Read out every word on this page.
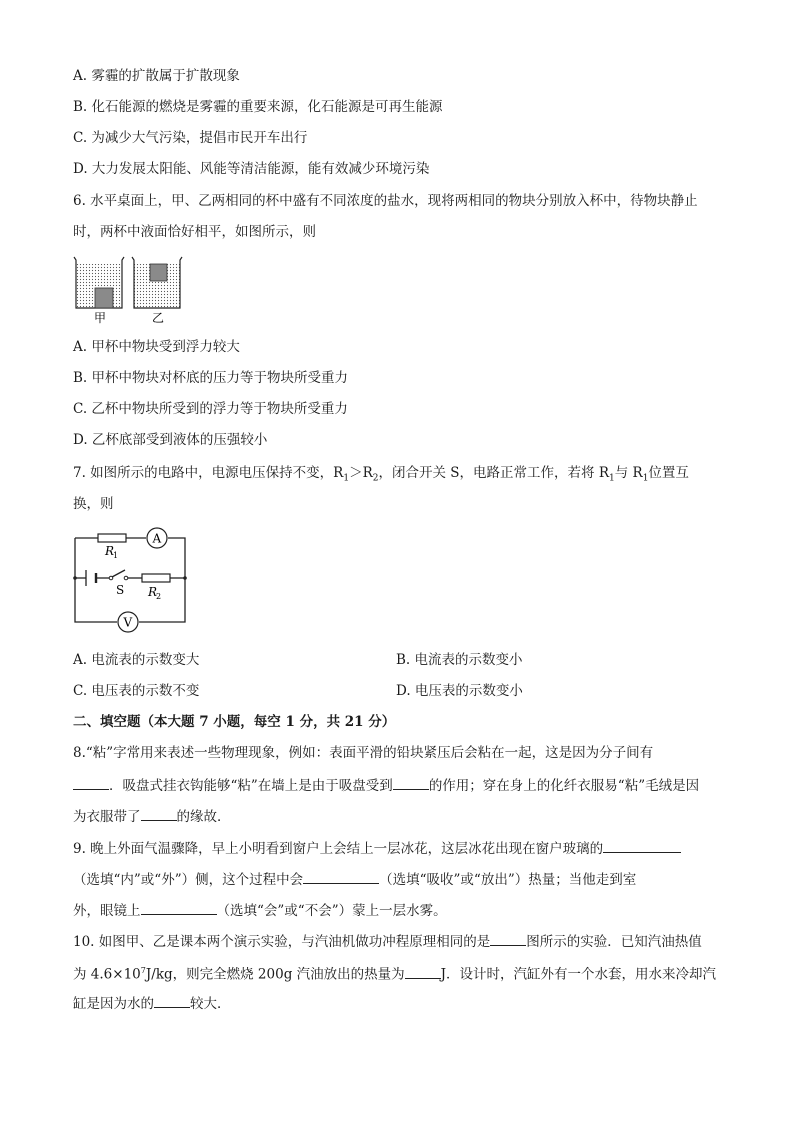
A. 雾霾的扩散属于扩散现象
B. 化石能源的燃烧是雾霾的重要来源，化石能源是可再生能源
C. 为减少大气污染，提倡市民开车出行
D. 大力发展太阳能、风能等清洁能源，能有效减少环境污染
6. 水平桌面上，甲、乙两相同的杯中盛有不同浓度的盐水，现将两相同的物块分别放入杯中，待物块静止
时，两杯中液面恰好相平，如图所示，则
甲	乙
A. 甲杯中物块受到浮力较大
B. 甲杯中物块对杯底的压力等于物块所受重力
C. 乙杯中物块所受到的浮力等于物块所受重力
D. 乙杯底部受到液体的压强较小
7. 如图所示的电路中，电源电压保持不变，$R_1>R_2$，闭合开关 S，电路正常工作，若将 $R_1$与 $R_1$位置互
换，则
A
V
R
1
S R
2
A. 电流表的示数变大	B. 电流表的示数变小
C. 电压表的示数不变	D. 电压表的示数变小
二、填空题（本大题 7 小题，每空 1 分，共 21 分）
8.“粘”字常用来表述一些物理现象，例如：表面平滑的铅块紧压后会粘在一起，这是因为分子间有
．吸盘式挂衣钩能够“粘”在墙上是由于吸盘受到	的作用；穿在身上的化纤衣服易“粘”毛绒是因
为衣服带了	的缘故．
9. 晚上外面气温骤降，早上小明看到窗户上会结上一层冰花，这层冰花出现在窗户玻璃的
（选填“内”或“外”）侧，这个过程中会	（选填“吸收”或“放出”）热量；当他走到室
外，眼镜上	（选填“会”或“不会”）蒙上一层水雾。
10. 如图甲、乙是课本两个演示实验，与汽油机做功冲程原理相同的是	图所示的实验．已知汽油热值
为 $4.6\times 10^7J/kg$，则完全燃烧 200g 汽油放出的热量为	J．设计时，汽缸外有一个水套，用水来冷却汽
缸是因为水的	较大．
